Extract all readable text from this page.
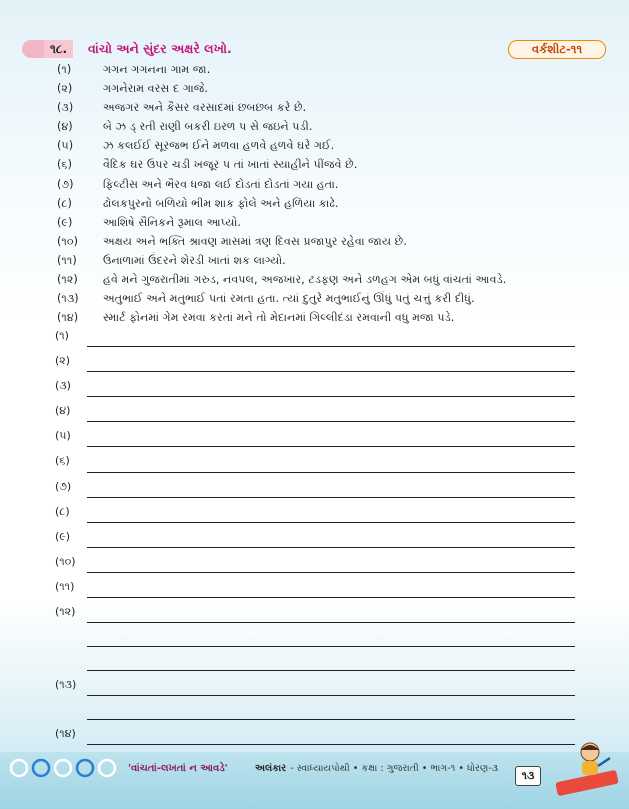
૧૮.	વાંચો અને સુંદર અક્ષરે લખો.	વર્કશીટ-૧૧
(૧)	ગગન ગગનના ગામ જા.
(૨)	ગગનેરામ વરસ દ ગાજે.
(૩)	અજગર અને કૈસર વરસાદમાં છબછબ કરે છે.
(૪)	બે ઝ ડ્ રતી રાણી બકરી ઇરળ પ સે જઇને પડી.
(૫)	ઝ કલઈઈ સૂરજભ ઈને મળવા હળવે હળવે ઘરે ગઈ.
(૬)	વૈદિક ઘર ઉપર ચડી ખજૂર પ તાં ખાતાં સ્યાહીને પીંજવે છે.
(૭)	ફિલ્ટીસ અને ભૈરવ ધજા લઈ દોડતાં દોડતાં ગયા હતા.
(૮)	ઢોલકપુરનો બળિયો ભીમ શાક ફોલે અને હળિયા કાઢે.
(૯)	આશિષે સૈનિકને રૂમાલ આપ્યો.
(૧૦) અક્ષય અને ભક્તિ શ્રાવણ માસમાં ત્રણ દિવસ પ્રજાપુર રહેવા જાય છે.
(૧૧) ઉનાળામાં ઉંદરને શેરડી ખાતાં શક લાગ્યો.
(૧૨) હવે મને ગુજરાતીમાં ગરુડ, નવપલ, અજખાર, ટડફણ અને ડળહગ એમ બધું વાંચતાં આવડે.
(૧૩) અતુભાઈ અને મતુભાઈ પતાં રમતા હતા. ત્યાં દુતુરે મતુભાઈનું ઊંધું પતું ચત્તું કરી દીધું.
(૧૪) સ્માર્ટ ફોનમાં ગેમ રમવા કરતાં મને તો મેદાનમાં ગિલ્લીદંડા રમવાની વધુ મજા પડે.
(૧)
(૨)
(૩)
(૪)
(૫)
(૬)
(૭)
(૮)
(૯)
(૧૦)
(૧૧)
(૧૨)
(૧૩)
(૧૪)
'વાંચતાં-લખતાં ન આવડે'	અલંકાર - સ્વાધ્યાયપોથી • કક્ષા : ગુજરાતી • ભાગ-૧ • ધોરણ-૩
૧૩
